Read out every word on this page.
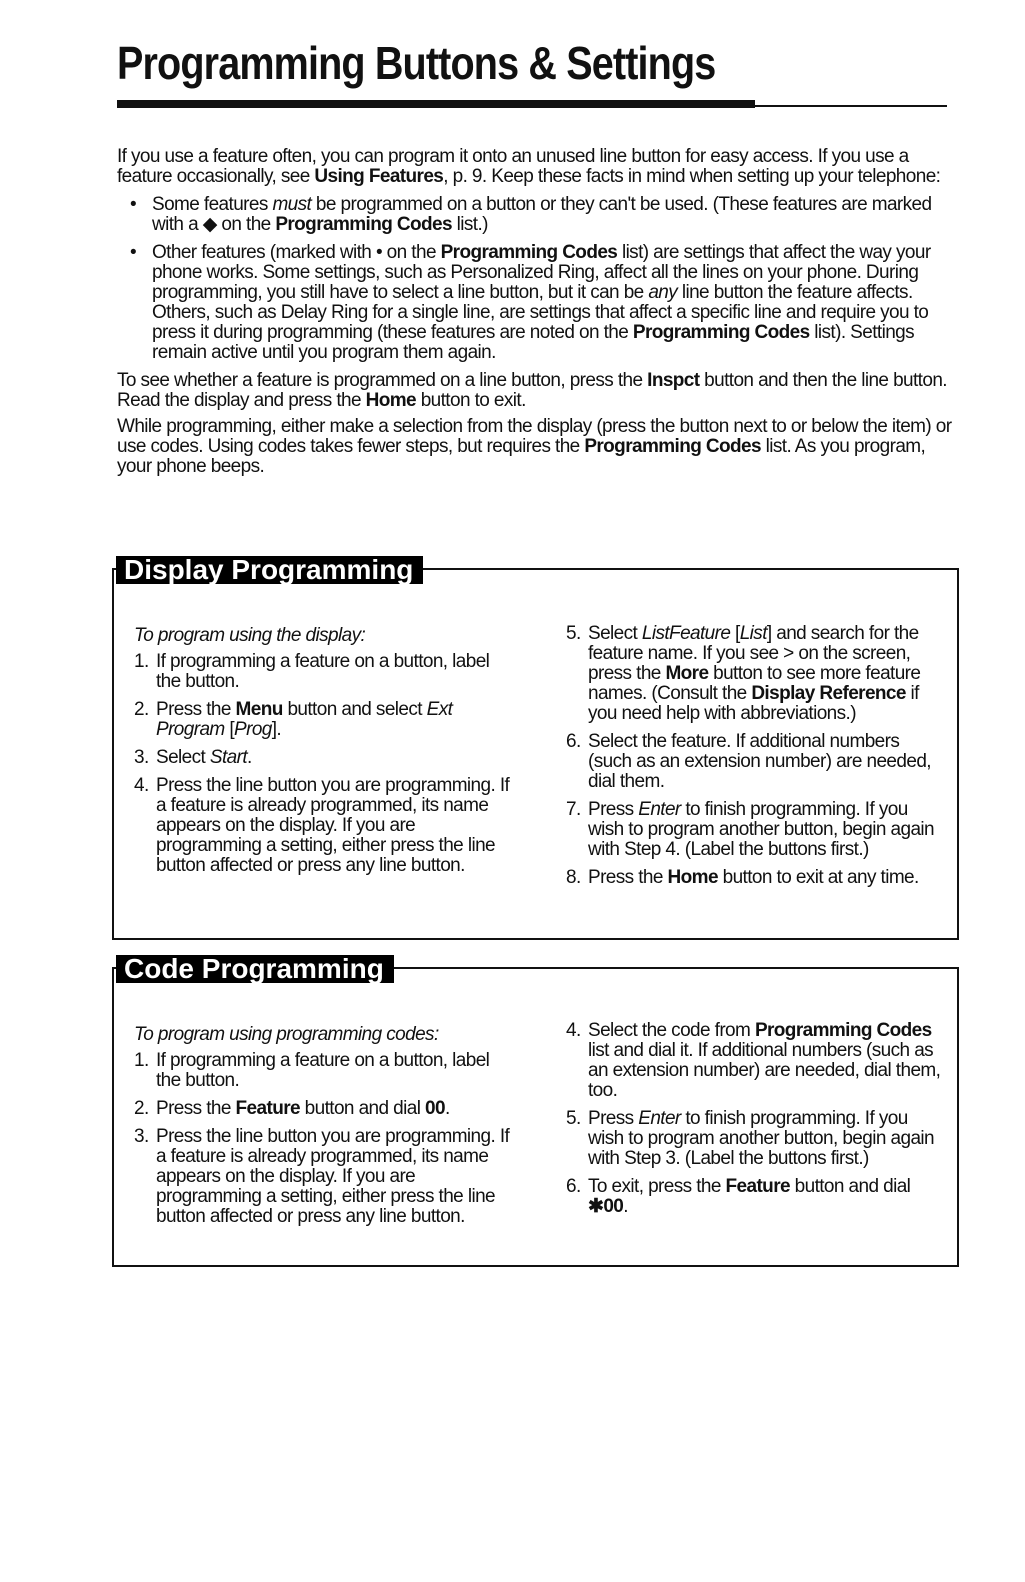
Programming Buttons & Settings

If you use a feature often, you can program it onto an unused line button for easy access. If you use a feature occasionally, see Using Features, p. 9. Keep these facts in mind when setting up your telephone:

• Some features must be programmed on a button or they can't be used. (These features are marked with a ◆ on the Programming Codes list.)
• Other features (marked with • on the Programming Codes list) are settings that affect the way your phone works. Some settings, such as Personalized Ring, affect all the lines on your phone. During programming, you still have to select a line button, but it can be any line button the feature affects. Others, such as Delay Ring for a single line, are settings that affect a specific line and require you to press it during programming (these features are noted on the Programming Codes list). Settings remain active until you program them again.

To see whether a feature is programmed on a line button, press the Inspct button and then the line button. Read the display and press the Home button to exit.

While programming, either make a selection from the display (press the button next to or below the item) or use codes. Using codes takes fewer steps, but requires the Programming Codes list. As you program, your phone beeps.

Display Programming

To program using the display:

1. If programming a feature on a button, label the button.
2. Press the Menu button and select Ext Program [Prog].
3. Select Start.
4. Press the line button you are programming. If a feature is already programmed, its name appears on the display. If you are programming a setting, either press the line button affected or press any line button.
5. Select ListFeature [List] and search for the feature name. If you see > on the screen, press the More button to see more feature names. (Consult the Display Reference if you need help with abbreviations.)
6. Select the feature. If additional numbers (such as an extension number) are needed, dial them.
7. Press Enter to finish programming. If you wish to program another button, begin again with Step 4. (Label the buttons first.)
8. Press the Home button to exit at any time.
Code Programming

To program using programming codes:

1. If programming a feature on a button, label the button.
2. Press the Feature button and dial 00.
3. Press the line button you are programming. If a feature is already programmed, its name appears on the display. If you are programming a setting, either press the line button affected or press any line button.
4. Select the code from Programming Codes list and dial it. If additional numbers (such as an extension number) are needed, dial them, too.
5. Press Enter to finish programming. If you wish to program another button, begin again with Step 3. (Label the buttons first.)
6. To exit, press the Feature button and dial ✱00.
